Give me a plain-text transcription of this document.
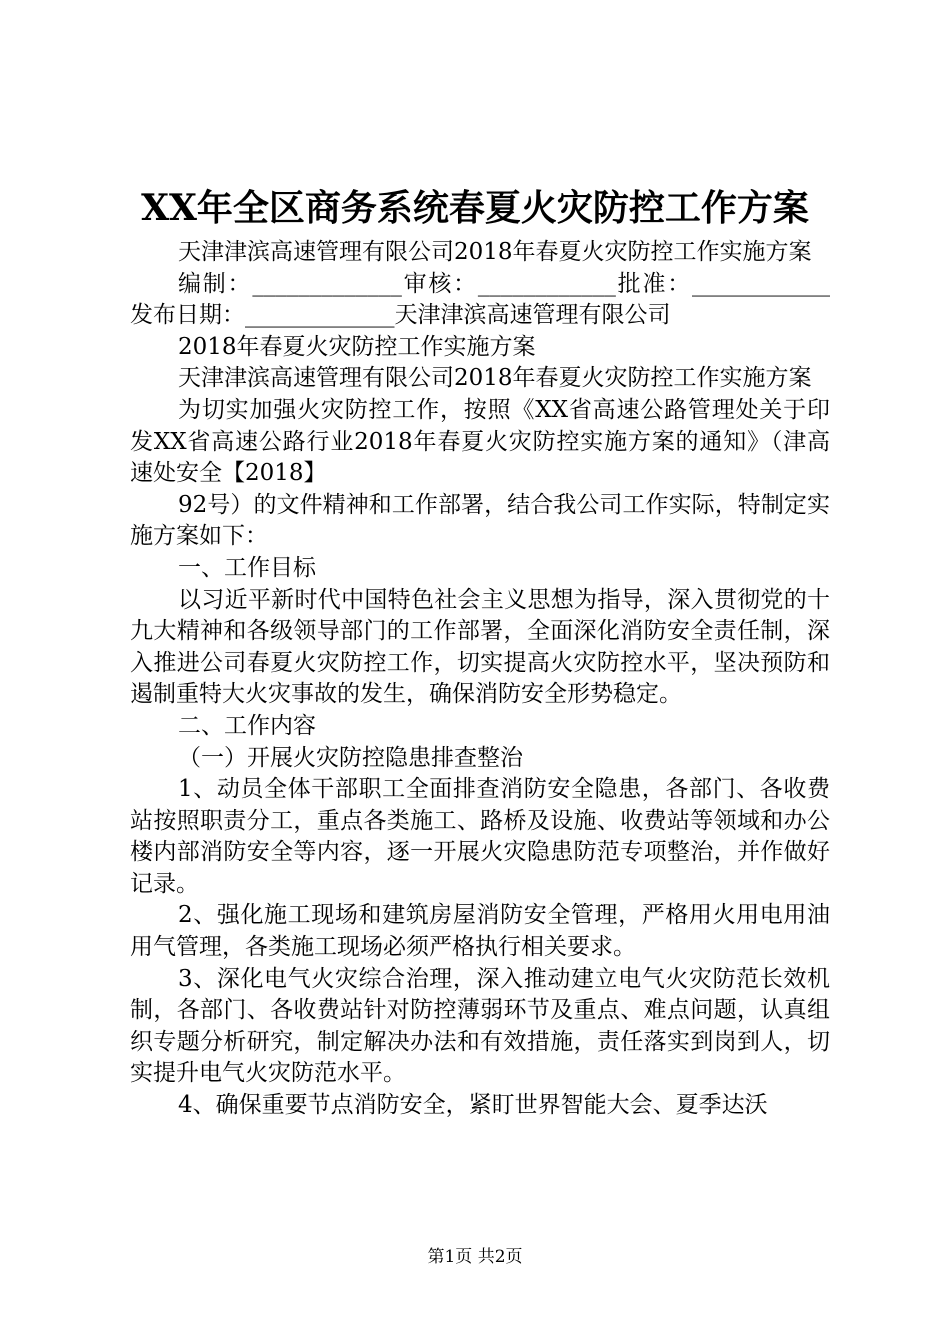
XX年全区商务系统春夏火灾防控工作方案

天津津滨高速管理有限公司2018年春夏火灾防控工作实施方案

编制：_____________审核：____________批准：____________发布日期：_____________天津津滨高速管理有限公司

2018年春夏火灾防控工作实施方案

天津津滨高速管理有限公司2018年春夏火灾防控工作实施方案

为切实加强火灾防控工作，按照《XX省高速公路管理处关于印发XX省高速公路行业2018年春夏火灾防控实施方案的通知》（津高速处安全【2018】

92号）的文件精神和工作部署，结合我公司工作实际，特制定实施方案如下：

一、工作目标

以习近平新时代中国特色社会主义思想为指导，深入贯彻党的十九大精神和各级领导部门的工作部署，全面深化消防安全责任制，深入推进公司春夏火灾防控工作，切实提高火灾防控水平，坚决预防和遏制重特大火灾事故的发生，确保消防安全形势稳定。

二、工作内容

（一）开展火灾防控隐患排查整治

1、动员全体干部职工全面排查消防安全隐患，各部门、各收费站按照职责分工，重点各类施工、路桥及设施、收费站等领域和办公楼内部消防安全等内容，逐一开展火灾隐患防范专项整治，并作做好记录。

2、强化施工现场和建筑房屋消防安全管理，严格用火用电用油用气管理，各类施工现场必须严格执行相关要求。

3、深化电气火灾综合治理，深入推动建立电气火灾防范长效机制，各部门、各收费站针对防控薄弱环节及重点、难点问题，认真组织专题分析研究，制定解决办法和有效措施，责任落实到岗到人，切实提升电气火灾防范水平。

4、确保重要节点消防安全，紧盯世界智能大会、夏季达沃

第1页 共2页
